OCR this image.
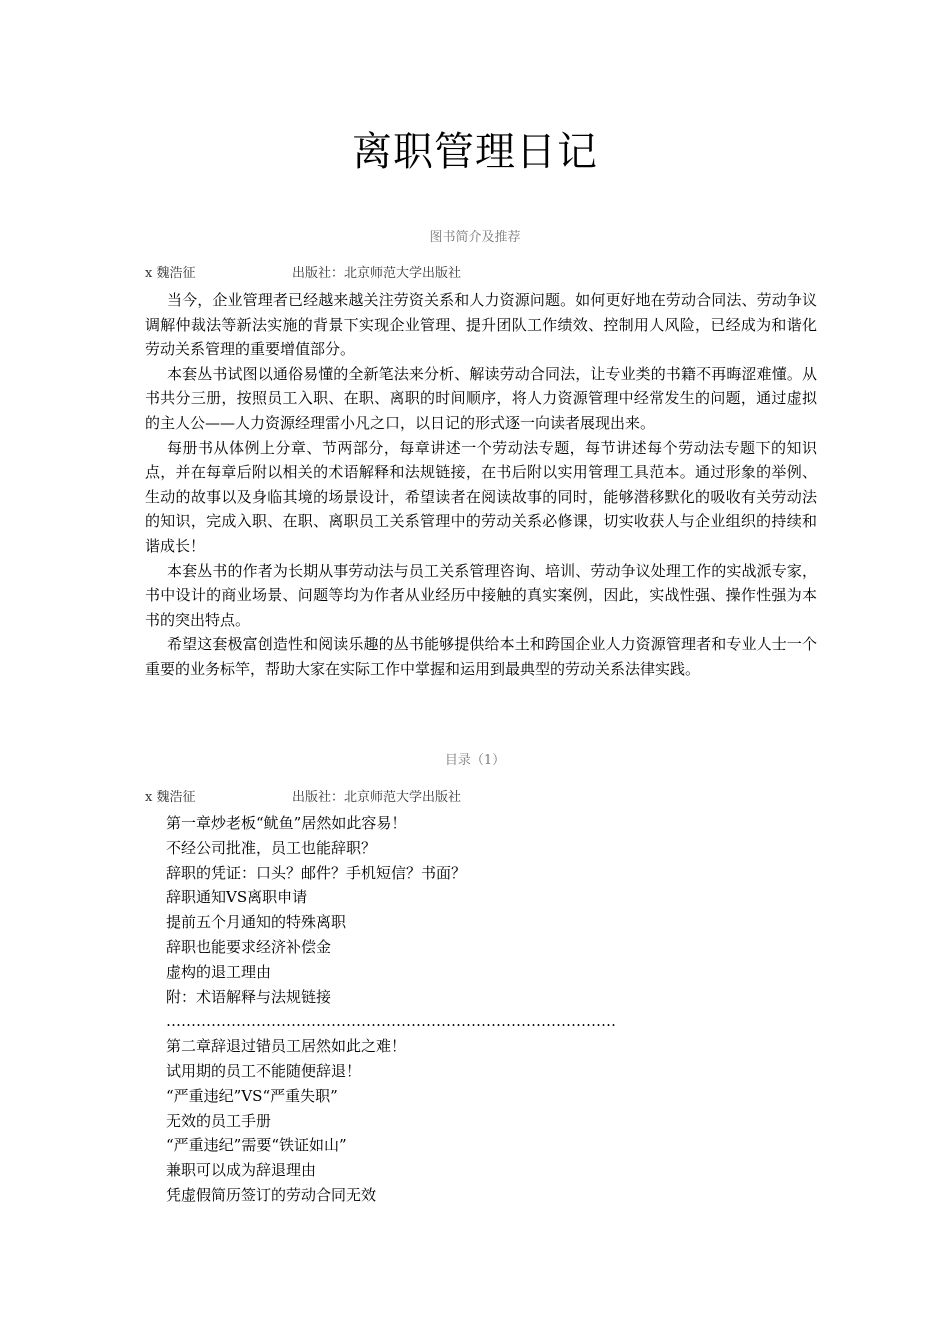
离职管理日记
图书简介及推荐
x 魏浩征	出版社：北京师范大学出版社

当今，企业管理者已经越来越关注劳资关系和人力资源问题。如何更好地在劳动合同法、劳动争议调解仲裁法等新法实施的背景下实现企业管理、提升团队工作绩效、控制用人风险，已经成为和谐化劳动关系管理的重要增值部分。

本套丛书试图以通俗易懂的全新笔法来分析、解读劳动合同法，让专业类的书籍不再晦涩难懂。从书共分三册，按照员工入职、在职、离职的时间顺序，将人力资源管理中经常发生的问题，通过虚拟的主人公——人力资源经理雷小凡之口，以日记的形式逐一向读者展现出来。

每册书从体例上分章、节两部分，每章讲述一个劳动法专题，每节讲述每个劳动法专题下的知识点，并在每章后附以相关的术语解释和法规链接，在书后附以实用管理工具范本。通过形象的举例、生动的故事以及身临其境的场景设计，希望读者在阅读故事的同时，能够潜移默化的吸收有关劳动法的知识，完成入职、在职、离职员工关系管理中的劳动关系必修课，切实收获人与企业组织的持续和谐成长！

本套丛书的作者为长期从事劳动法与员工关系管理咨询、培训、劳动争议处理工作的实战派专家，书中设计的商业场景、问题等均为作者从业经历中接触的真实案例，因此，实战性强、操作性强为本书的突出特点。

希望这套极富创造性和阅读乐趣的丛书能够提供给本土和跨国企业人力资源管理者和专业人士一个重要的业务标竿，帮助大家在实际工作中掌握和运用到最典型的劳动关系法律实践。

目录（1）
x 魏浩征	出版社：北京师范大学出版社
第一章炒老板“鱿鱼”居然如此容易！
不经公司批准，员工也能辞职？
辞职的凭证：口头？邮件？手机短信？书面？
辞职通知VS离职申请
提前五个月通知的特殊离职
辞职也能要求经济补偿金
虚构的退工理由
附：术语解释与法规链接
………………………………………………………………………………
第二章辞退过错员工居然如此之难！
试用期的员工不能随便辞退！
“严重违纪”VS“严重失职”
无效的员工手册
“严重违纪”需要“铁证如山”
兼职可以成为辞退理由
凭虚假简历签订的劳动合同无效
